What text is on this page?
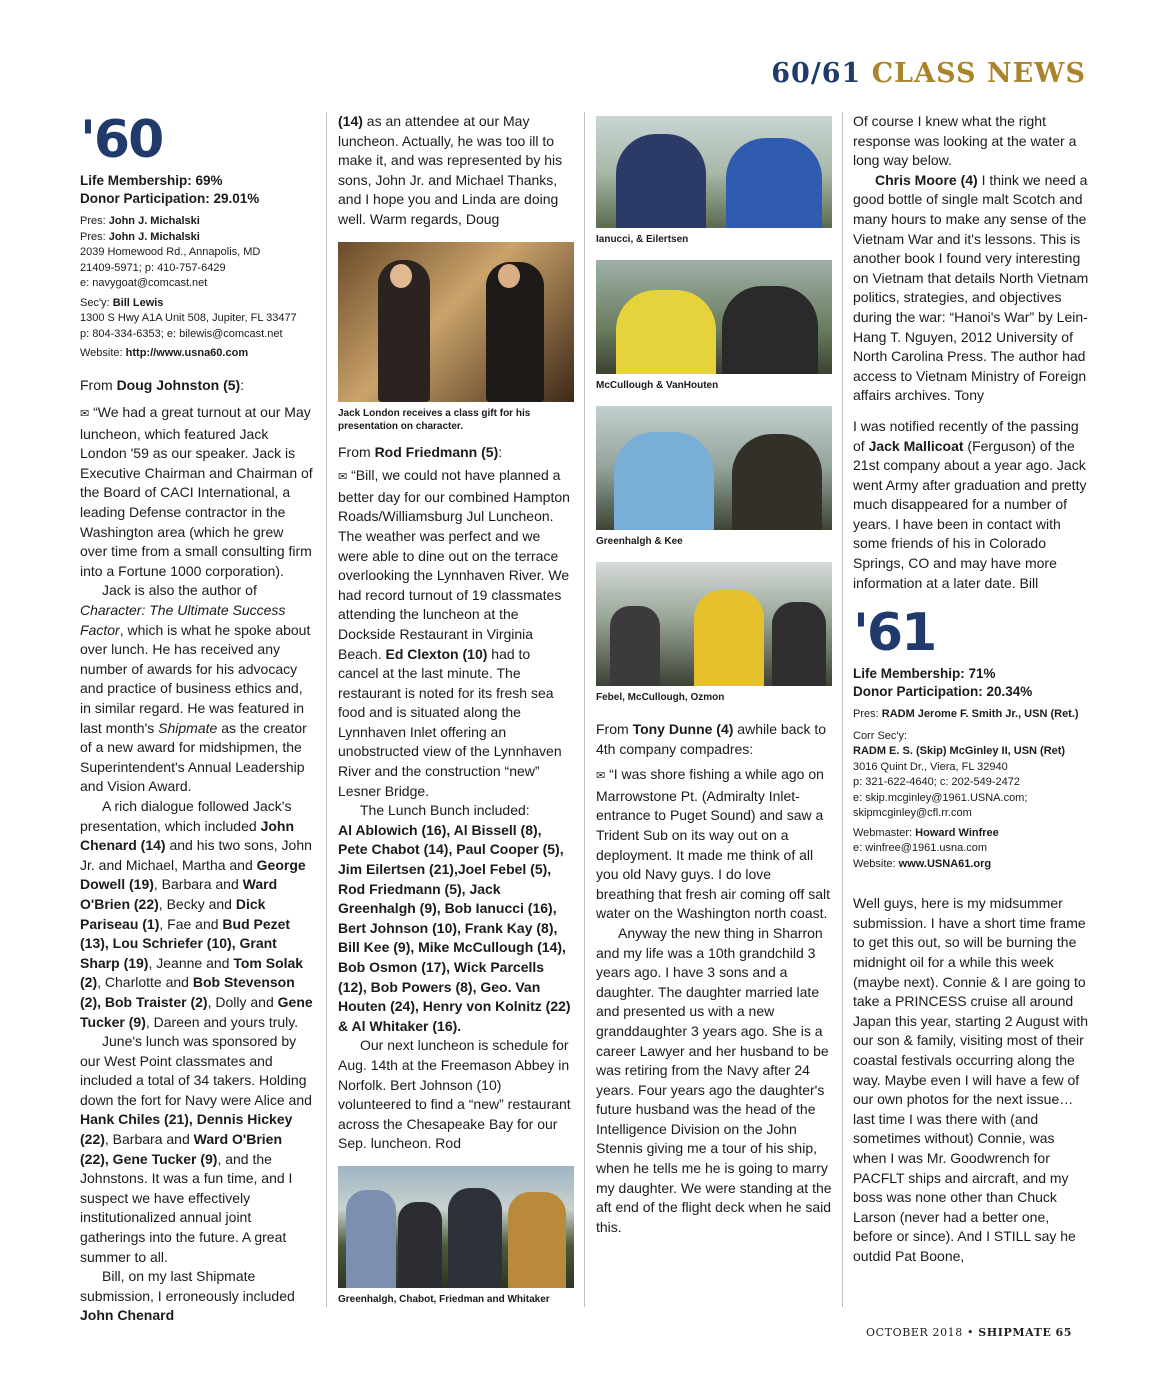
60/61 CLASS NEWS
'60
Life Membership: 69%
Donor Participation: 29.01%
Pres: John J. Michalski
Pres: John J. Michalski
2039 Homewood Rd., Annapolis, MD
21409-5971; p: 410-757-6429
e: navygoat@comcast.net
Sec'y: Bill Lewis
1300 S Hwy A1A Unit 508, Jupiter, FL 33477
p: 804-334-6353; e: bilewis@comcast.net
Website: http://www.usna60.com

From Doug Johnston (5):

✉ “We had a great turnout at our May luncheon, which featured Jack London '59 as our speaker. Jack is Executive Chairman and Chairman of the Board of CACI International, a leading Defense contractor in the Washington area (which he grew over time from a small consulting firm into a Fortune 1000 corporation).

Jack is also the author of Character: The Ultimate Success Factor, which is what he spoke about over lunch. He has received any number of awards for his advocacy and practice of business ethics and, in similar regard. He was featured in last month's Shipmate as the creator of a new award for midshipmen, the Superintendent's Annual Leadership and Vision Award.

A rich dialogue followed Jack's presentation, which included John Chenard (14) and his two sons, John Jr. and Michael, Martha and George Dowell (19), Barbara and Ward O'Brien (22), Becky and Dick Pariseau (1), Fae and Bud Pezet (13), Lou Schriefer (10), Grant Sharp (19), Jeanne and Tom Solak (2), Charlotte and Bob Stevenson (2), Bob Traister (2), Dolly and Gene Tucker (9), Dareen and yours truly.

June's lunch was sponsored by our West Point classmates and included a total of 34 takers. Holding down the fort for Navy were Alice and Hank Chiles (21), Dennis Hickey (22), Barbara and Ward O'Brien (22), Gene Tucker (9), and the Johnstons. It was a fun time, and I suspect we have effectively institutionalized annual joint gatherings into the future. A great summer to all.

Bill, on my last Shipmate submission, I erroneously included John Chenard

(14) as an attendee at our May luncheon. Actually, he was too ill to make it, and was represented by his sons, John Jr. and Michael Thanks, and I hope you and Linda are doing well. Warm regards, Doug

Jack London receives a class gift for his presentation on character.

From Rod Friedmann (5):

✉ “Bill, we could not have planned a better day for our combined Hampton Roads/Williamsburg Jul Luncheon. The weather was perfect and we were able to dine out on the terrace overlooking the Lynnhaven River. We had record turnout of 19 classmates attending the luncheon at the Dockside Restaurant in Virginia Beach. Ed Clexton (10) had to cancel at the last minute. The restaurant is noted for its fresh sea food and is situated along the Lynnhaven Inlet offering an unobstructed view of the Lynnhaven River and the construction “new” Lesner Bridge.

The Lunch Bunch included:

Al Ablowich (16), Al Bissell (8), Pete Chabot (14), Paul Cooper (5), Jim Eilertsen (21),Joel Febel (5), Rod Friedmann (5), Jack Greenhalgh (9), Bob Ianucci (16), Bert Johnson (10), Frank Kay (8), Bill Kee (9), Mike McCullough (14), Bob Osmon (17), Wick Parcells (12), Bob Powers (8), Geo. Van Houten (24), Henry von Kolnitz (22) & Al Whitaker (16).

Our next luncheon is schedule for Aug. 14th at the Freemason Abbey in Norfolk. Bert Johnson (10) volunteered to find a “new” restaurant across the Chesapeake Bay for our Sep. luncheon. Rod

Greenhalgh, Chabot, Friedman and Whitaker
Ianucci, & Eilertsen
McCullough & VanHouten
Greenhalgh & Kee
Febel, McCullough, Ozmon

From Tony Dunne (4) awhile back to 4th company compadres:

✉ “I was shore fishing a while ago on Marrowstone Pt. (Admiralty Inlet- entrance to Puget Sound) and saw a Trident Sub on its way out on a deployment. It made me think of all you old Navy guys. I do love breathing that fresh air coming off salt water on the Washington north coast.

Anyway the new thing in Sharron and my life was a 10th grandchild 3 years ago. I have 3 sons and a daughter. The daughter married late and presented us with a new granddaughter 3 years ago. She is a career Lawyer and her husband to be was retiring from the Navy after 24 years. Four years ago the daughter's future husband was the head of the Intelligence Division on the John Stennis giving me a tour of his ship, when he tells me he is going to marry my daughter. We were standing at the aft end of the flight deck when he said this.

Of course I knew what the right response was looking at the water a long way below.

Chris Moore (4) I think we need a good bottle of single malt Scotch and many hours to make any sense of the Vietnam War and it's lessons. This is another book I found very interesting on Vietnam that details North Vietnam politics, strategies, and objectives during the war: “Hanoi's War” by Lein-Hang T. Nguyen, 2012 University of North Carolina Press. The author had access to Vietnam Ministry of Foreign affairs archives. Tony

I was notified recently of the passing of Jack Mallicoat (Ferguson) of the 21st company about a year ago. Jack went Army after graduation and pretty much disappeared for a number of years. I have been in contact with some friends of his in Colorado Springs, CO and may have more information at a later date. Bill

'61
Life Membership: 71%
Donor Participation: 20.34%
Pres: RADM Jerome F. Smith Jr., USN (Ret.)
Corr Sec'y:
RADM E. S. (Skip) McGinley II, USN (Ret)
3016 Quint Dr., Viera, FL 32940
p: 321-622-4640; c: 202-549-2472
e: skip.mcginley@1961.USNA.com;
skipmcginley@cfl.rr.com
Webmaster: Howard Winfree
e: winfree@1961.usna.com
Website: www.USNA61.org

Well guys, here is my midsummer submission. I have a short time frame to get this out, so will be burning the midnight oil for a while this week (maybe next). Connie & I are going to take a PRINCESS cruise all around Japan this year, starting 2 August with our son & family, visiting most of their coastal festivals occurring along the way. Maybe even I will have a few of our own photos for the next issue…last time I was there with (and sometimes without) Connie, was when I was Mr. Goodwrench for PACFLT ships and aircraft, and my boss was none other than Chuck Larson (never had a better one, before or since). And I STILL say he outdid Pat Boone,

OCTOBER 2018 • SHIPMATE 65
